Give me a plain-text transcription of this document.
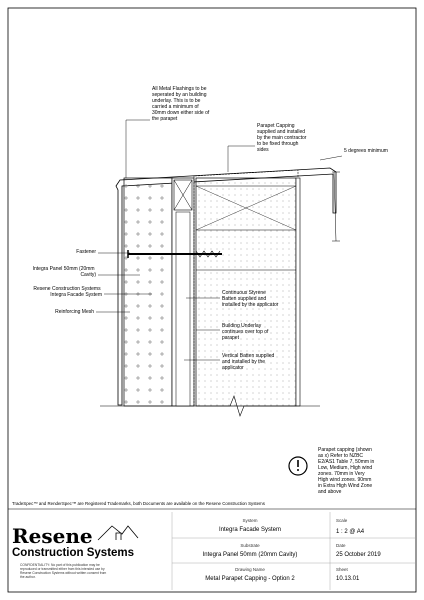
All Metal Flashings to be seperated by an building underlay. This is to be carried a minimum of 30mm down either side of the parapet
Parapet Capping supplied and installed by the main contractor to be fixed through sides	5 degrees minimum
Fastener
Integra Panel 50mm (20mm Cavity)
Resene Construction Systems Integra Facade System
Reinforcing Mesh
Continuous Styrene Batten supplied and installed by the applicator
Building Underlay continues over top of parapet
Vertical Batten supplied and installed by the applicator
Parapet capping (shown as x) Refer to NZBC E2/AS1 Table 7, 50mm in Low, Medium, High wind zones. 70mm in Very High wind zones. 90mm in Extra High Wind Zone and above
TradeSpec™ and RenderSpec™ are Registered Trademarks, both Documents are available on the Resene Construction Systems
Resene
Construction Systems
CONFIDENTIALITY: No part of this publication may be reproduced or transmitted either from this intended use by Resene Construction Systems without written consent from the author.
System
Integra Facade System
Scale
1 : 2 @ A4
Substrate
Integra Panel 50mm (20mm Cavity)
Date
25 October 2019
Drawing Name
Metal Parapet Capping - Option 2
Sheet
10.13.01
